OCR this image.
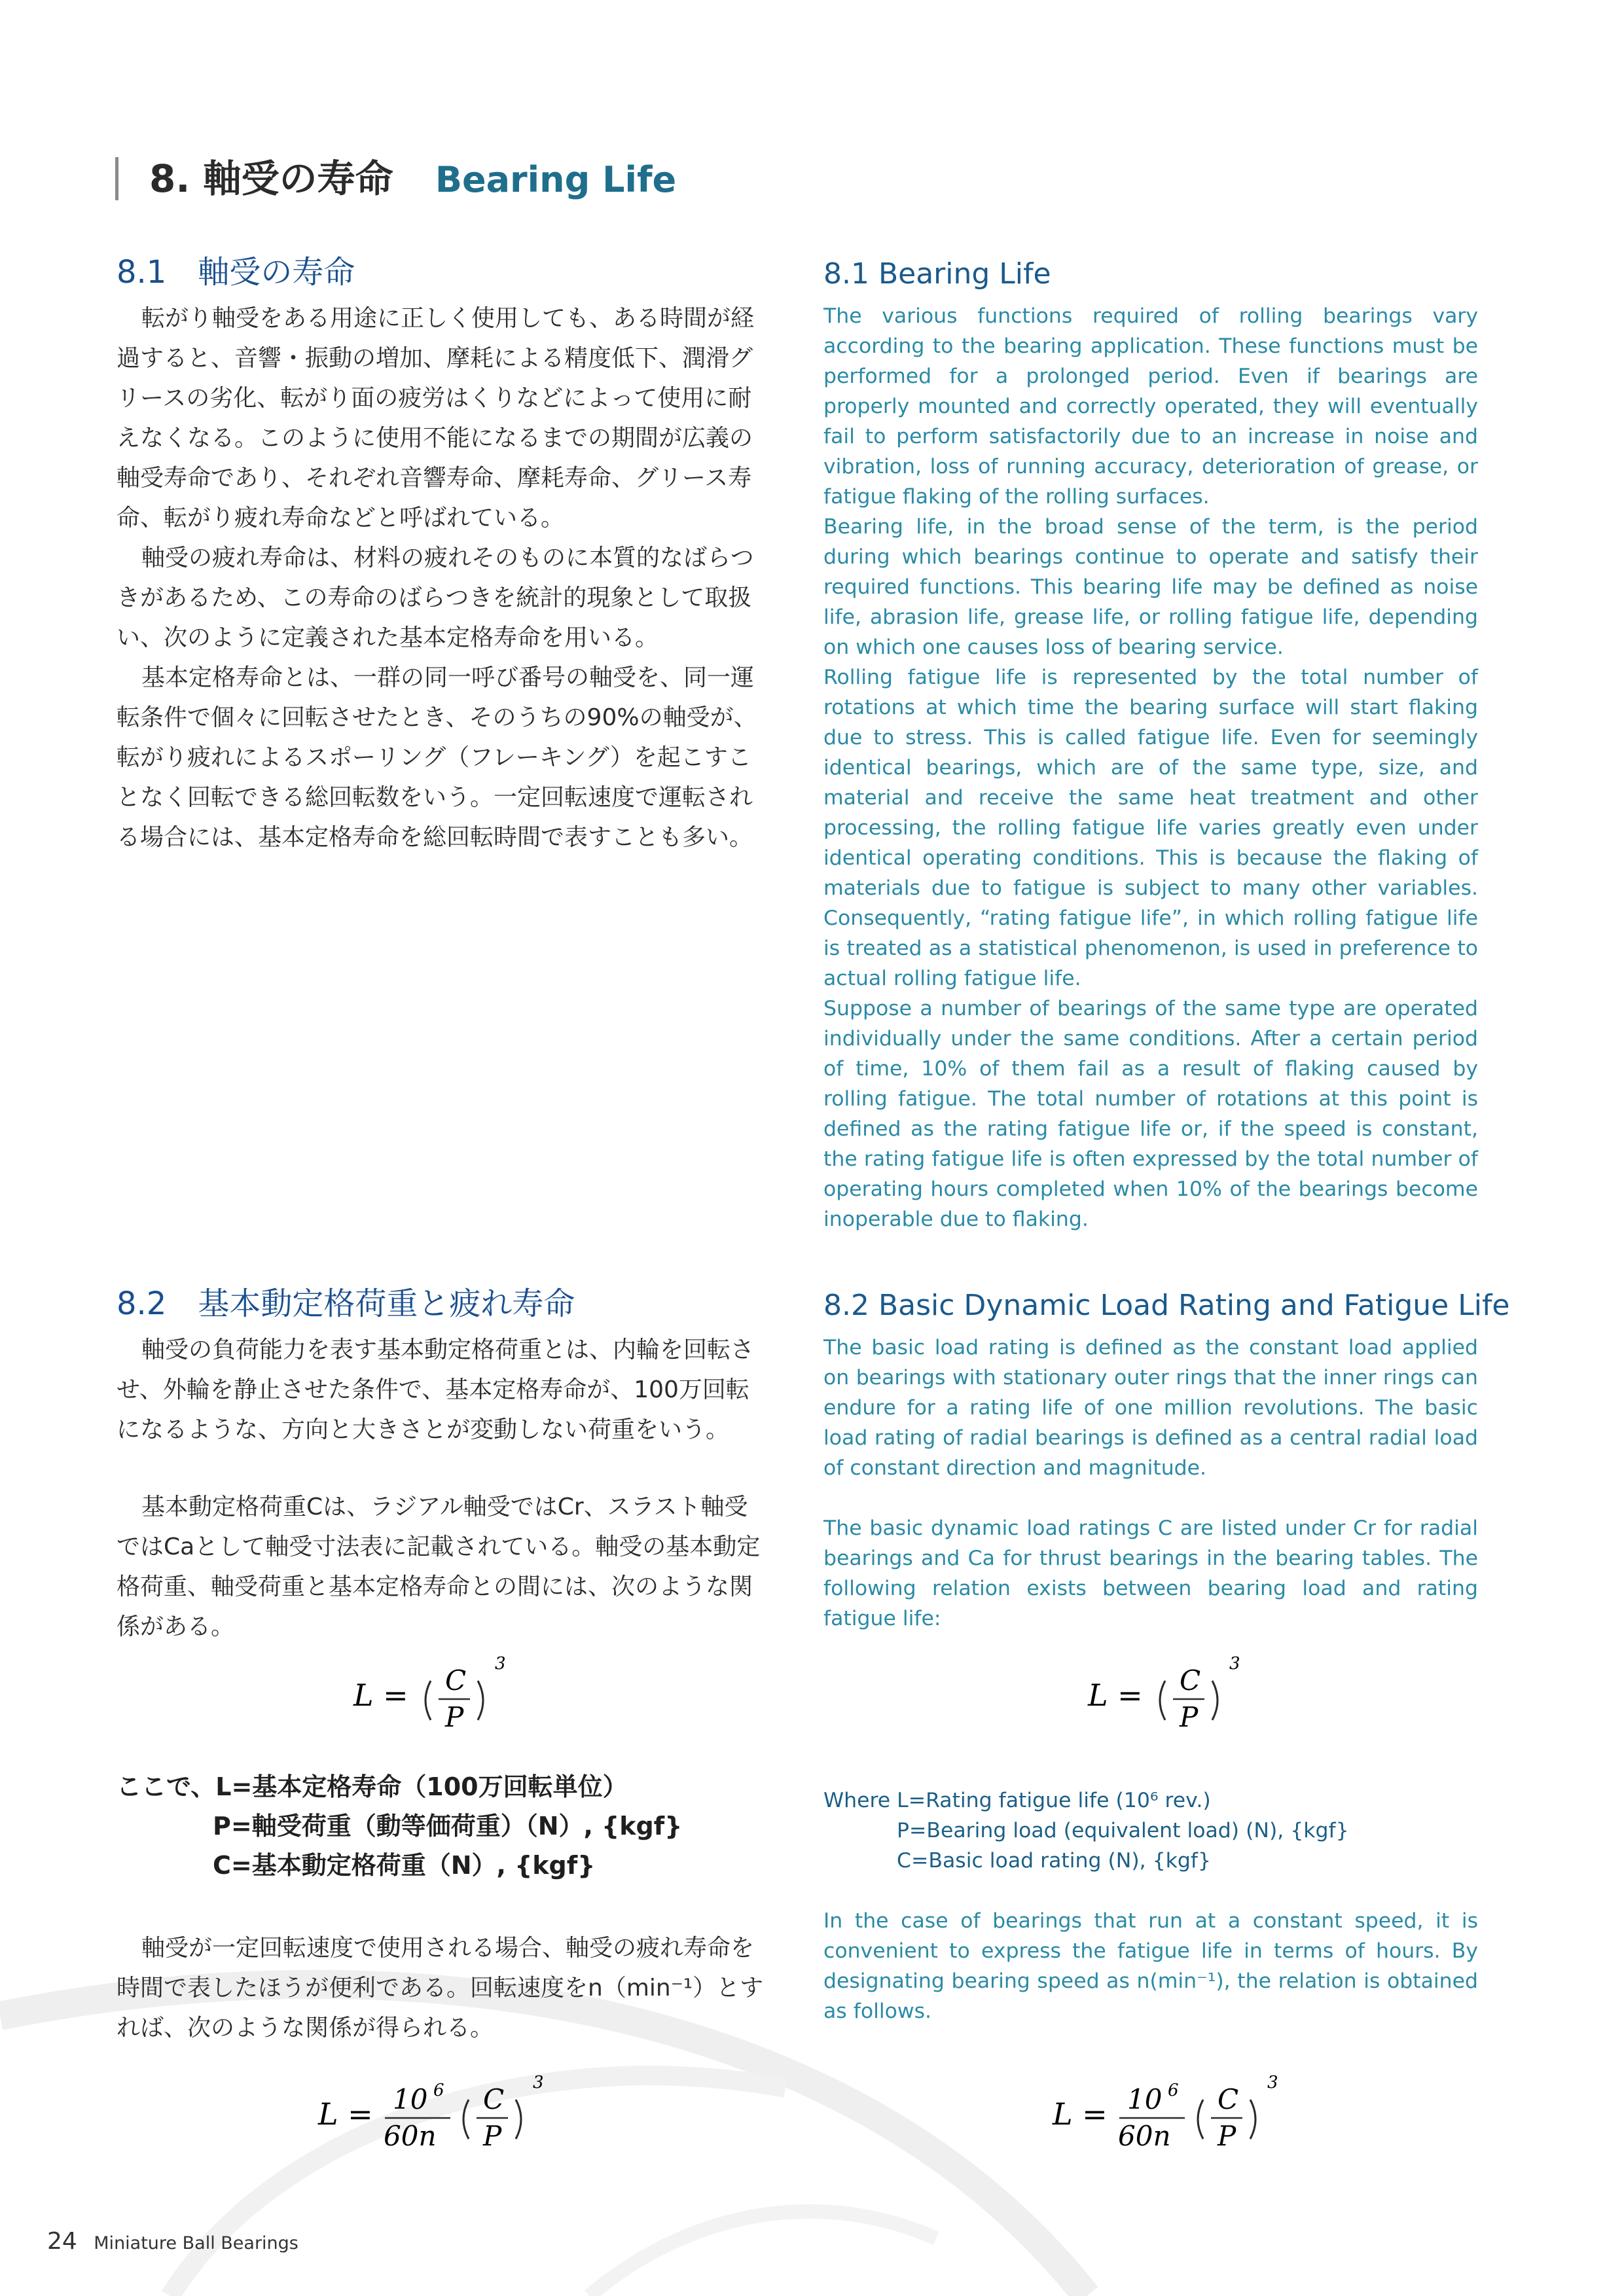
8. 軸受の寿命 Bearing Life
8.1　軸受の寿命

転がり軸受をある用途に正しく使用しても、ある時間が経過すると、音響・振動の増加、摩耗による精度低下、潤滑グリースの劣化、転がり面の疲労はくりなどによって使用に耐えなくなる。このように使用不能になるまでの期間が広義の軸受寿命であり、それぞれ音響寿命、摩耗寿命、グリース寿命、転がり疲れ寿命などと呼ばれている。

軸受の疲れ寿命は、材料の疲れそのものに本質的なばらつきがあるため、この寿命のばらつきを統計的現象として取扱い、次のように定義された基本定格寿命を用いる。

基本定格寿命とは、一群の同一呼び番号の軸受を、同一運転条件で個々に回転させたとき、そのうちの90%の軸受が、転がり疲れによるスポーリング（フレーキング）を起こすことなく回転できる総回転数をいう。一定回転速度で運転される場合には、基本定格寿命を総回転時間で表すことも多い。

8.1 Bearing Life

The various functions required of rolling bearings vary according to the bearing application. These functions must be performed for a prolonged period. Even if bearings are properly mounted and correctly operated, they will eventually fail to perform satisfactorily due to an increase in noise and vibration, loss of running accuracy, deterioration of grease, or fatigue flaking of the rolling surfaces.

Bearing life, in the broad sense of the term, is the period during which bearings continue to operate and satisfy their required functions. This bearing life may be defined as noise life, abrasion life, grease life, or rolling fatigue life, depending on which one causes loss of bearing service.

Rolling fatigue life is represented by the total number of rotations at which time the bearing surface will start flaking due to stress. This is called fatigue life. Even for seemingly identical bearings, which are of the same type, size, and material and receive the same heat treatment and other processing, the rolling fatigue life varies greatly even under identical operating conditions. This is because the flaking of materials due to fatigue is subject to many other variables. Consequently, “rating fatigue life”, in which rolling fatigue life is treated as a statistical phenomenon, is used in preference to actual rolling fatigue life.

Suppose a number of bearings of the same type are operated individually under the same conditions. After a certain period of time, 10% of them fail as a result of flaking caused by rolling fatigue. The total number of rotations at this point is defined as the rating fatigue life or, if the speed is constant, the rating fatigue life is often expressed by the total number of operating hours completed when 10% of the bearings become inoperable due to flaking.

8.2　基本動定格荷重と疲れ寿命

軸受の負荷能力を表す基本動定格荷重とは、内輪を回転させ、外輪を静止させた条件で、基本定格寿命が、100万回転になるような、方向と大きさとが変動しない荷重をいう。

基本動定格荷重Cは、ラジアル軸受ではCr、スラスト軸受ではCaとして軸受寸法表に記載されている。軸受の基本動定格荷重、軸受荷重と基本定格寿命との間には、次のような関係がある。

8.2 Basic Dynamic Load Rating and Fatigue Life

The basic load rating is defined as the constant load applied on bearings with stationary outer rings that the inner rings can endure for a rating life of one million revolutions. The basic load rating of radial bearings is defined as a central radial load of constant direction and magnitude.

The basic dynamic load ratings C are listed under Cr for radial bearings and Ca for thrust bearings in the bearing tables. The following relation exists between bearing load and rating fatigue life:

L = C
P
3
L = C
P
3
ここで、L=基本定格寿命（100万回転単位）
P=軸受荷重（動等価荷重）（N）, {kgf}
C=基本動定格荷重（N）, {kgf}
Where L=Rating fatigue life (10⁶ rev.)
P=Bearing load (equivalent load) (N), {kgf}
C=Basic load rating (N), {kgf}

軸受が一定回転速度で使用される場合、軸受の疲れ寿命を時間で表したほうが便利である。回転速度をn（min⁻¹）とすれば、次のような関係が得られる。

In the case of bearings that run at a constant speed, it is convenient to express the fatigue life in terms of hours. By designating bearing speed as n(min⁻¹), the relation is obtained as follows.

L = 10 6
60n
C
P
3
L = 10 6
60n
C
P
3
24 Miniature Ball Bearings
